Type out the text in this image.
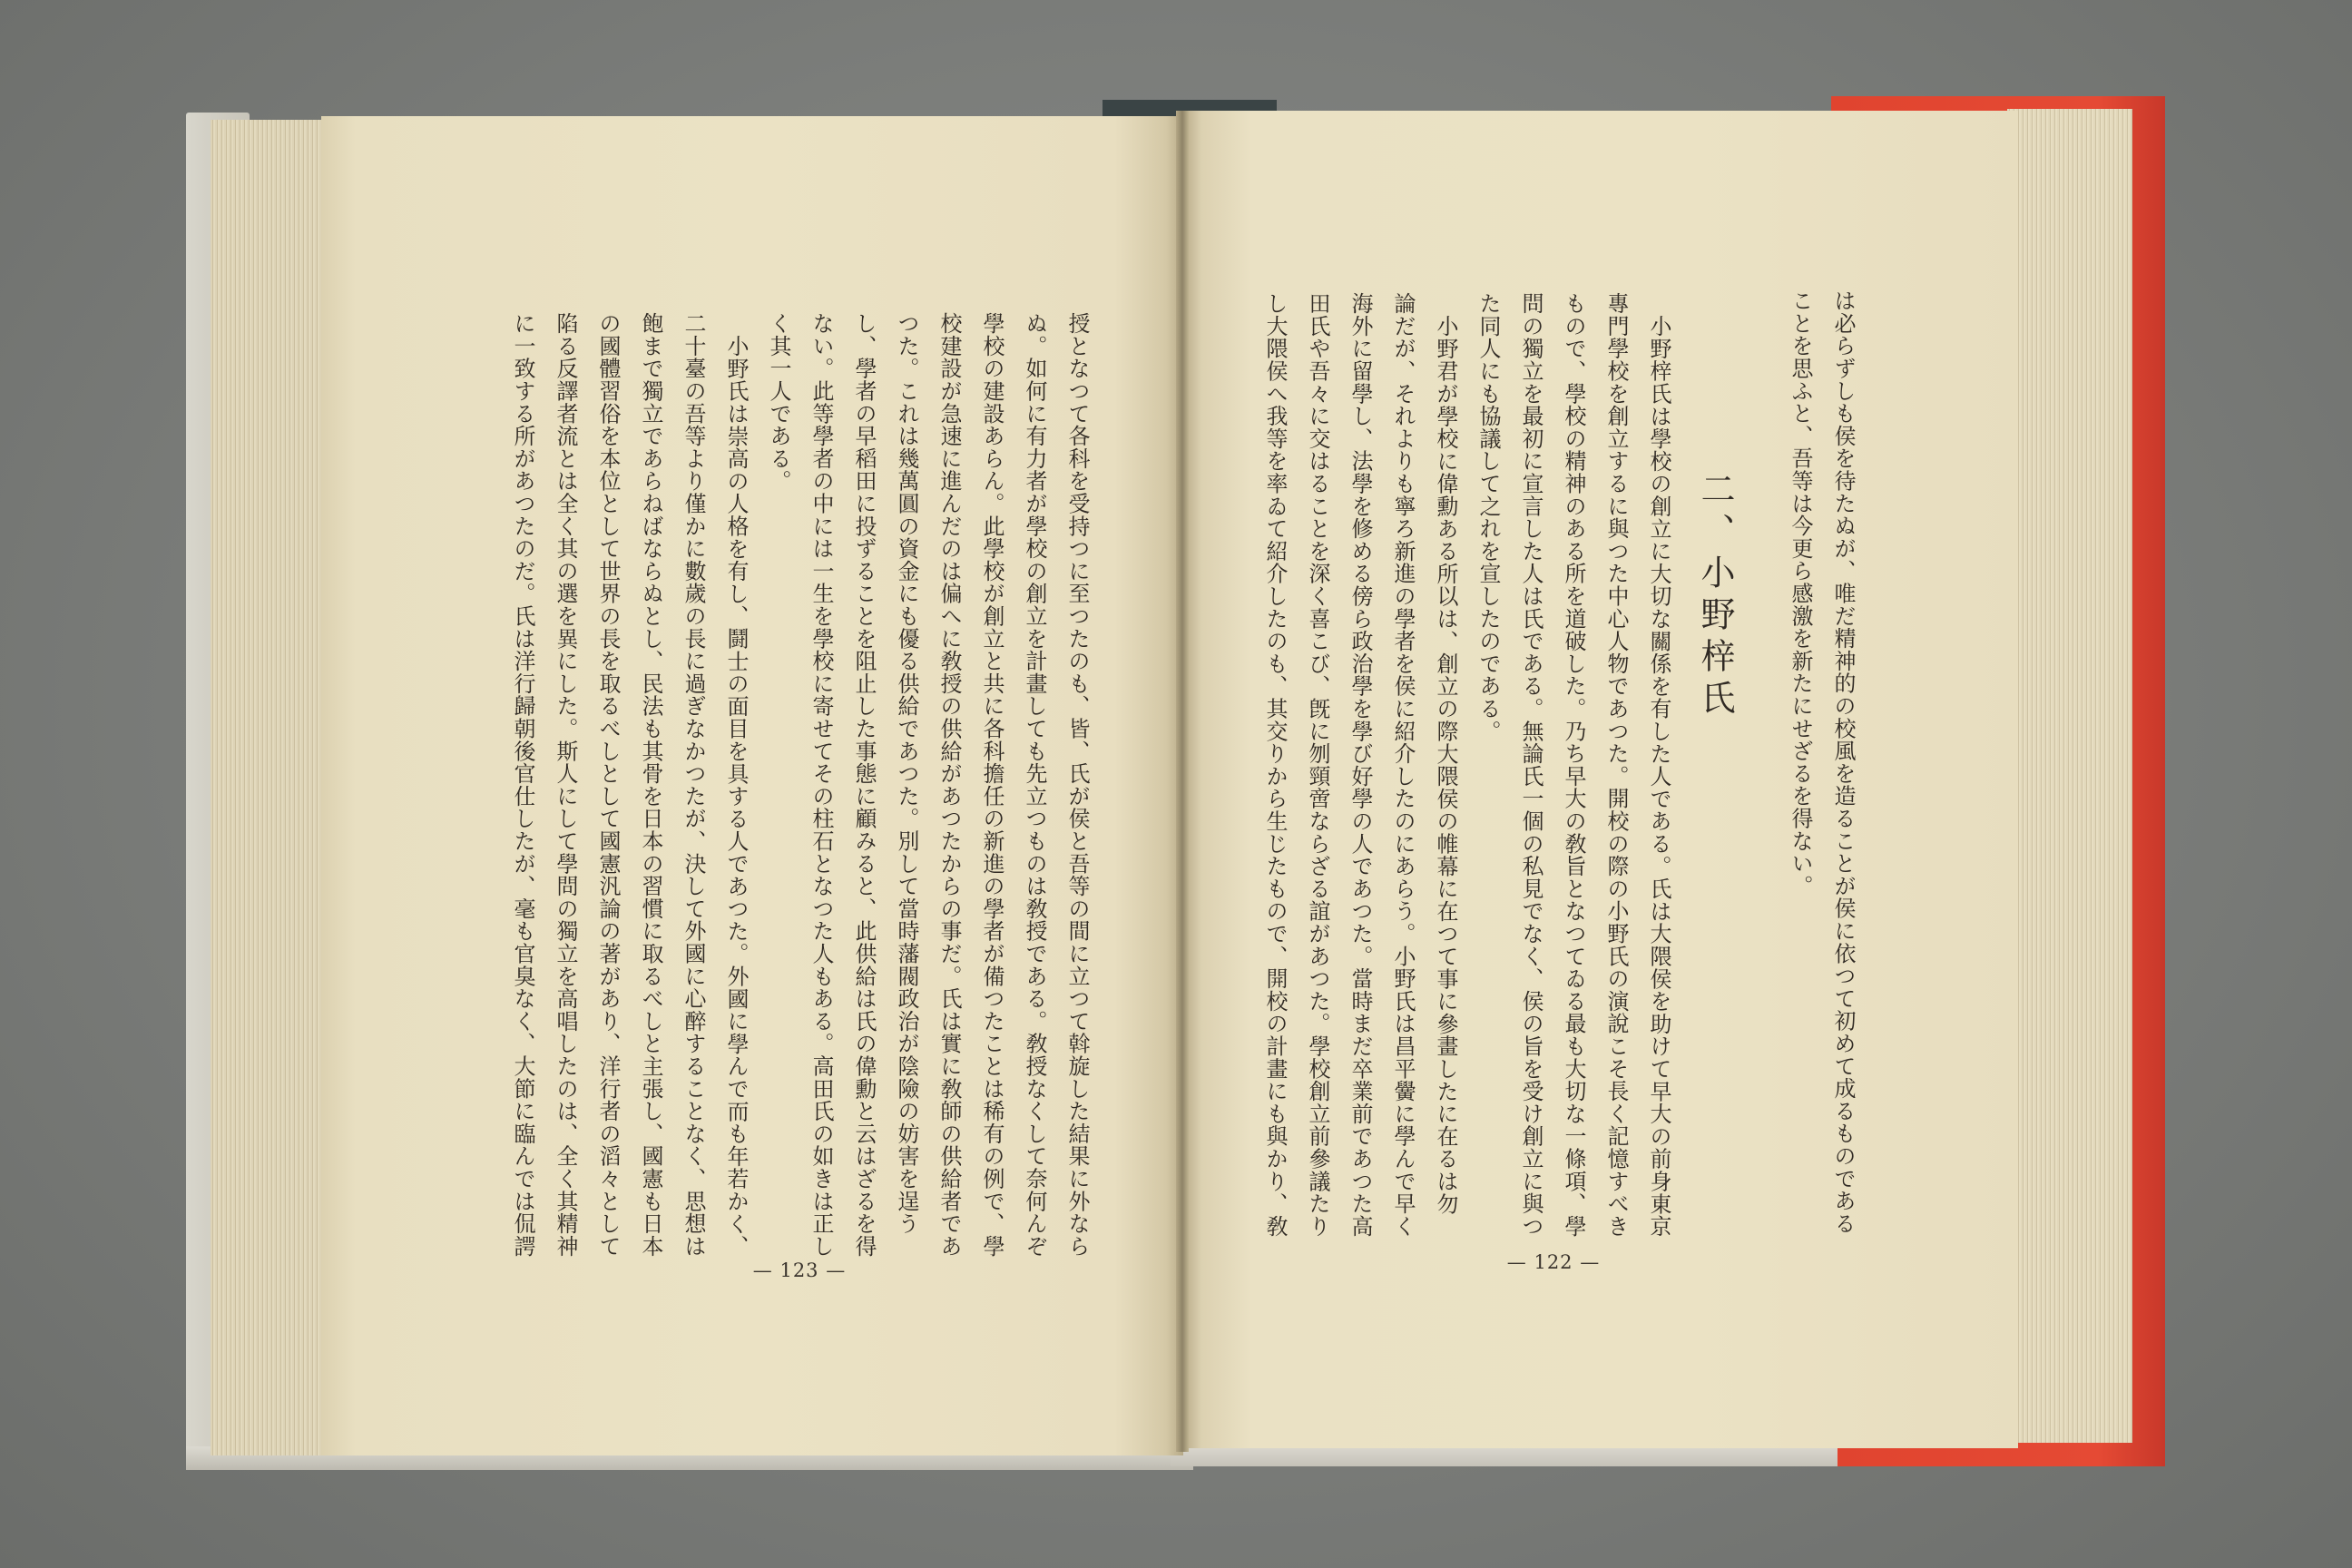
は必らずしも侯を待たぬが、唯だ精神的の校風を造ることが侯に依つて初めて成るものである
ことを思ふと、吾等は今更ら感激を新たにせざるを得ない。
二、小野梓氏
小野梓氏は學校の創立に大切な關係を有した人である。氏は大隈侯を助けて早大の前身東京
專門學校を創立するに與つた中心人物であつた。開校の際の小野氏の演說こそ長く記憶すべき
もので、學校の精神のある所を道破した。乃ち早大の敎旨となつてゐる最も大切な一條項、學
問の獨立を最初に宣言した人は氏である。無論氏一個の私見でなく、侯の旨を受け創立に與つ
た同人にも協議して之れを宣したのである。
小野君が學校に偉勳ある所以は、創立の際大隈侯の帷幕に在つて事に參畫したに在るは勿
論だが、それよりも寧ろ新進の學者を侯に紹介したのにあらう。小野氏は昌平黌に學んで早く
海外に留學し、法學を修める傍ら政治學を學び好學の人であつた。當時まだ卒業前であつた高
田氏や吾々に交はることを深く喜こび、旣に刎頸啻ならざる誼があつた。學校創立前參議たり
し大隈侯へ我等を率ゐて紹介したのも、其交りから生じたもので、開校の計畫にも與かり、敎
— 122 —
授となつて各科を受持つに至つたのも、皆、氏が侯と吾等の間に立つて斡旋した結果に外なら
ぬ。如何に有力者が學校の創立を計畫しても先立つものは敎授である。敎授なくして奈何んぞ
學校の建設あらん。此學校が創立と共に各科擔任の新進の學者が備つたことは稀有の例で、學
校建設が急速に進んだのは偏へに敎授の供給があつたからの事だ。氏は實に敎師の供給者であ
つた。これは幾萬圓の資金にも優る供給であつた。別して當時藩閥政治が陰險の妨害を逞う
し、學者の早稻田に投ずることを阻止した事態に顧みると、此供給は氏の偉勳と云はざるを得
ない。此等學者の中には一生を學校に寄せてその柱石となつた人もある。高田氏の如きは正し
く其一人である。
小野氏は崇高の人格を有し、鬪士の面目を具する人であつた。外國に學んで而も年若かく、
二十臺の吾等より僅かに數歲の長に過ぎなかつたが、決して外國に心醉することなく、思想は
飽まで獨立であらねばならぬとし、民法も其骨を日本の習慣に取るべしと主張し、國憲も日本
の國體習俗を本位として世界の長を取るべしとして國憲汎論の著があり、洋行者の滔々として
陷る反譯者流とは全く其の選を異にした。斯人にして學問の獨立を高唱したのは、全く其精神
に一致する所があつたのだ。氏は洋行歸朝後官仕したが、毫も官臭なく、大節に臨んでは侃諤
— 123 —
